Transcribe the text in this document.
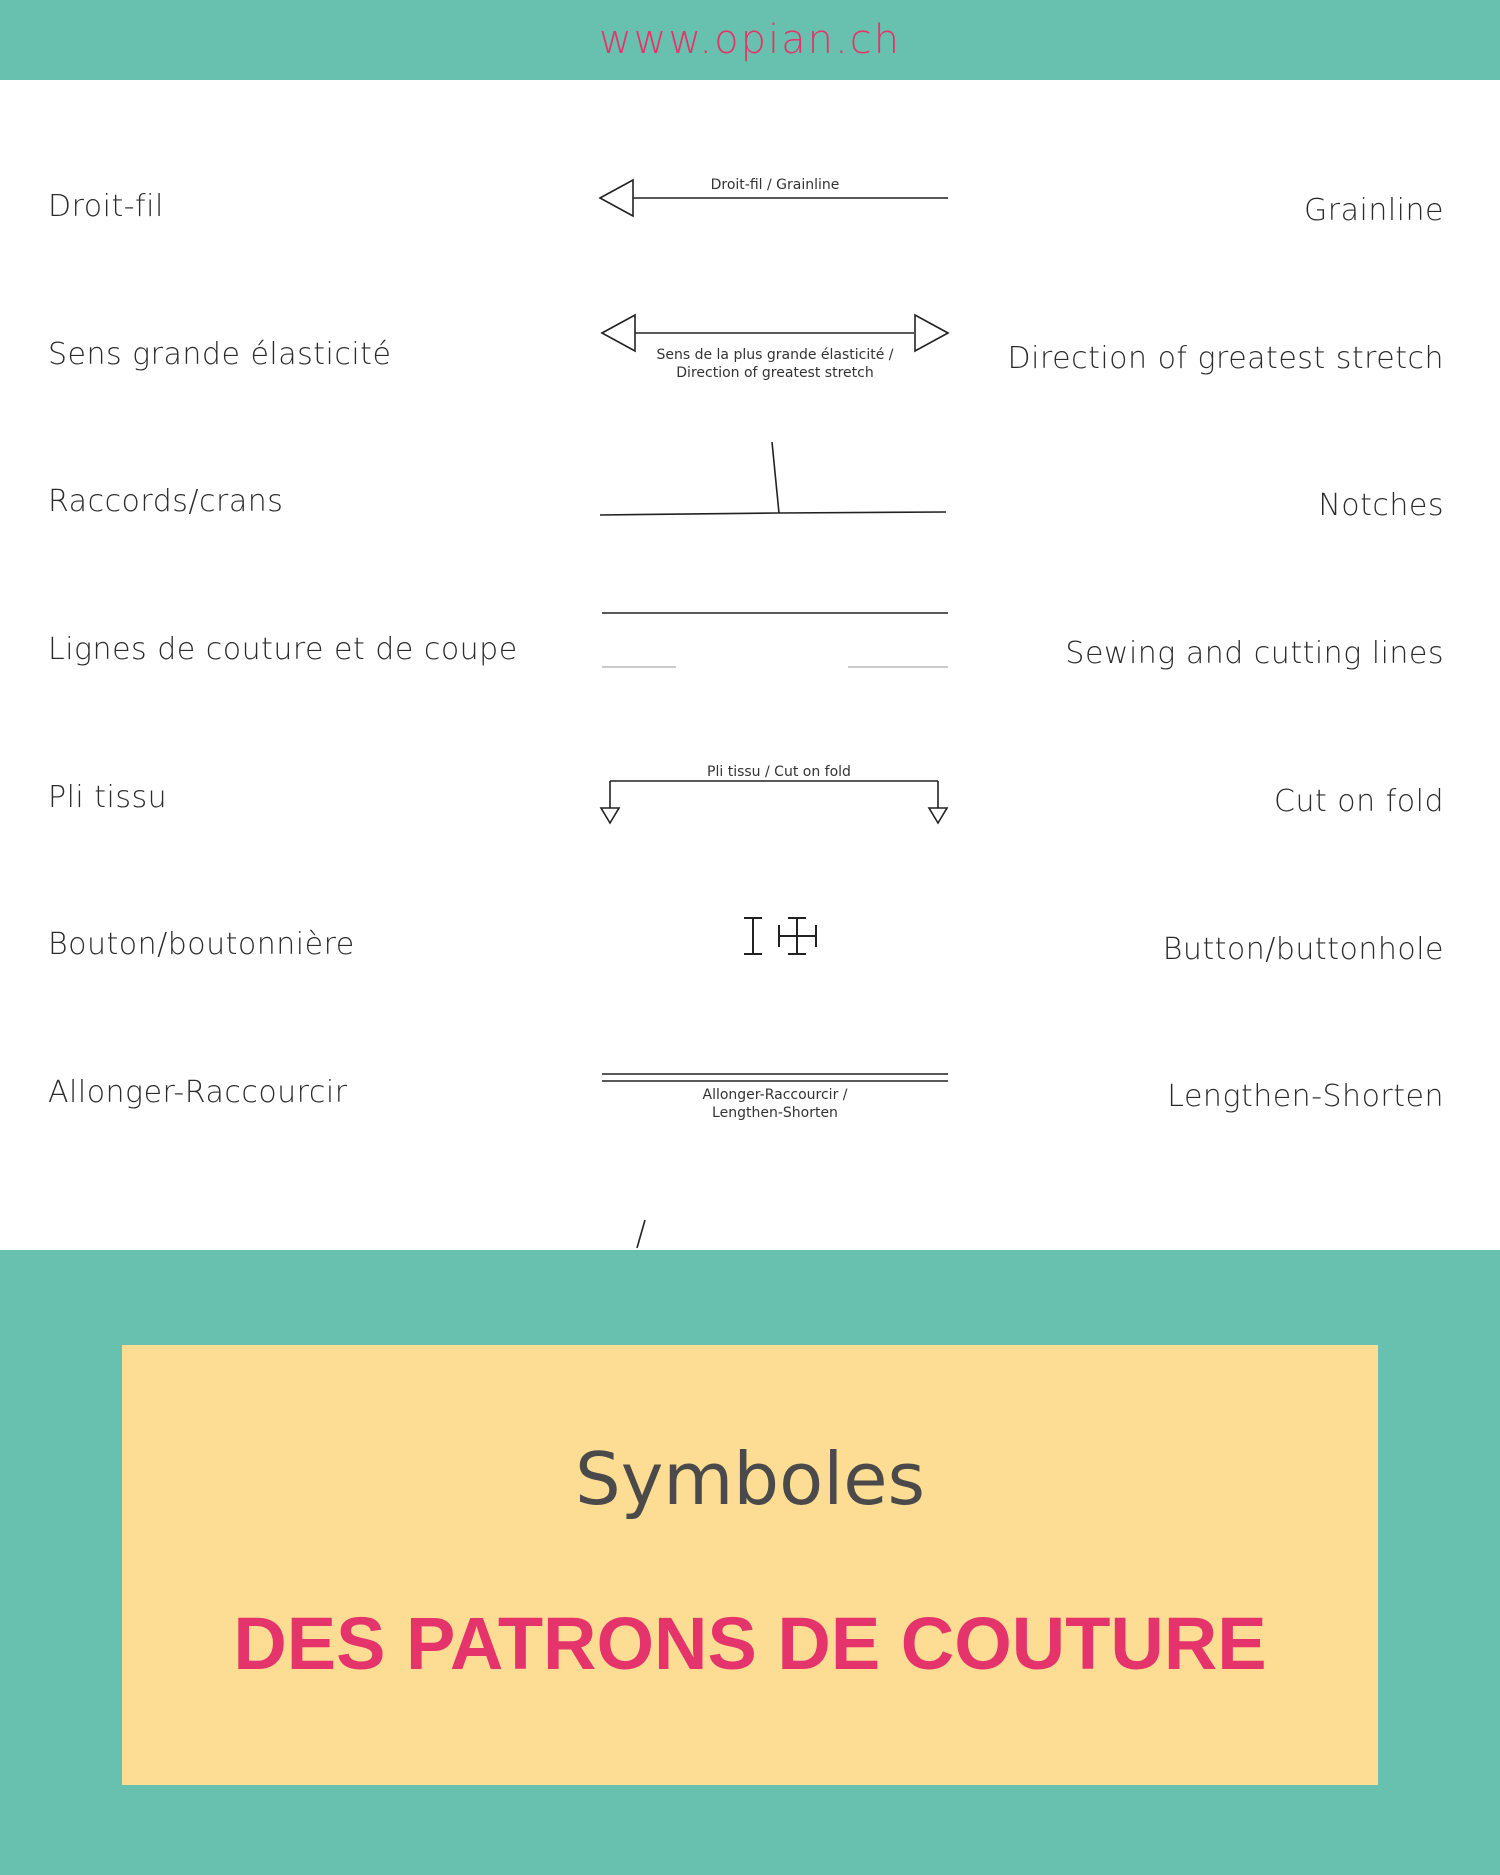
www.opian.ch
Droit-fil
Sens grande élasticité
Raccords/crans
Lignes de couture et de coupe
Pli tissu
Bouton/boutonnière
Allonger-Raccourcir
Grainline
Direction of greatest stretch
Notches
Sewing and cutting lines
Cut on fold
Button/buttonhole
Lengthen-Shorten
Droit-fil / Grainline
Sens de la plus grande élasticité /
Direction of greatest stretch
Pli tissu / Cut on fold
Allonger-Raccourcir /
Lengthen-Shorten
Symboles
DES PATRONS DE COUTURE
